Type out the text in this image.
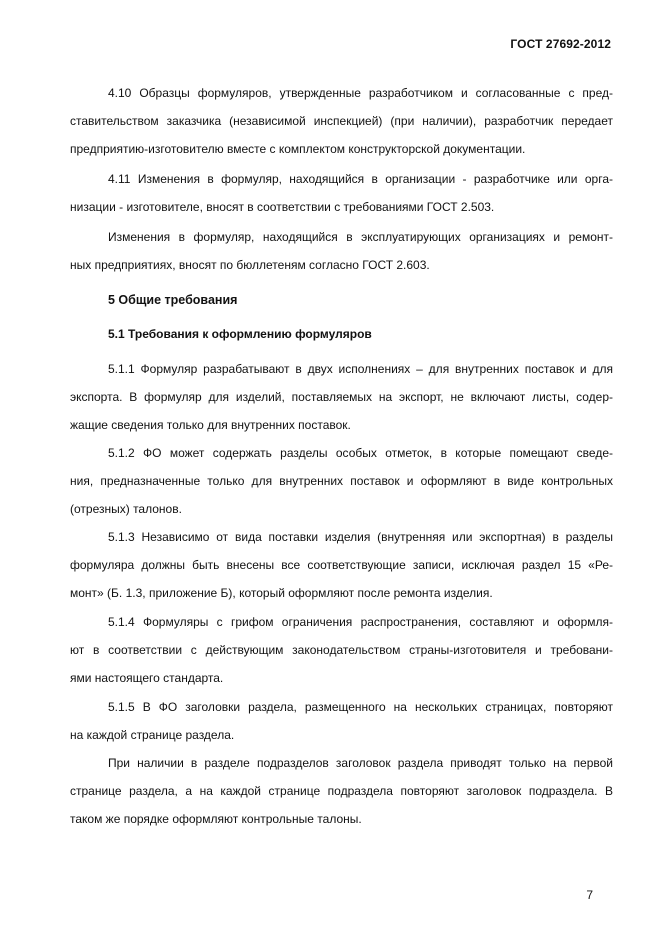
ГОСТ 27692-2012
4.10 Образцы формуляров, утвержденные разработчиком и согласованные с пред-
ставительством заказчика (независимой инспекцией) (при наличии), разработчик передает
предприятию-изготовителю вместе с комплектом конструкторской документации.
4.11 Изменения в формуляр, находящийся в организации - разработчике или орга-
низации - изготовителе, вносят в соответствии с требованиями ГОСТ 2.503.
Изменения в формуляр, находящийся в эксплуатирующих организациях и ремонт-
ных предприятиях, вносят по бюллетеням согласно ГОСТ 2.603.
5 Общие требования
5.1 Требования к оформлению формуляров
5.1.1 Формуляр разрабатывают в двух исполнениях – для внутренних поставок и для
экспорта. В формуляр для изделий, поставляемых на экспорт, не включают листы, содер-
жащие сведения только для внутренних поставок.
5.1.2 ФО может содержать разделы особых отметок, в которые помещают сведе-
ния, предназначенные только для внутренних поставок и оформляют в виде контрольных
(отрезных) талонов.
5.1.3 Независимо от вида поставки изделия (внутренняя или экспортная) в разделы
формуляра должны быть внесены все соответствующие записи, исключая раздел 15 «Ре-
монт» (Б. 1.3, приложение Б), который оформляют после ремонта изделия.
5.1.4 Формуляры с грифом ограничения распространения, составляют и оформля-
ют в соответствии с действующим законодательством страны-изготовителя и требовани-
ями настоящего стандарта.
5.1.5 В ФО заголовки раздела, размещенного на нескольких страницах, повторяют
на каждой странице раздела.
При наличии в разделе подразделов заголовок раздела приводят только на первой
странице раздела, а на каждой странице подраздела повторяют заголовок подраздела. В
таком же порядке оформляют контрольные талоны.
7
